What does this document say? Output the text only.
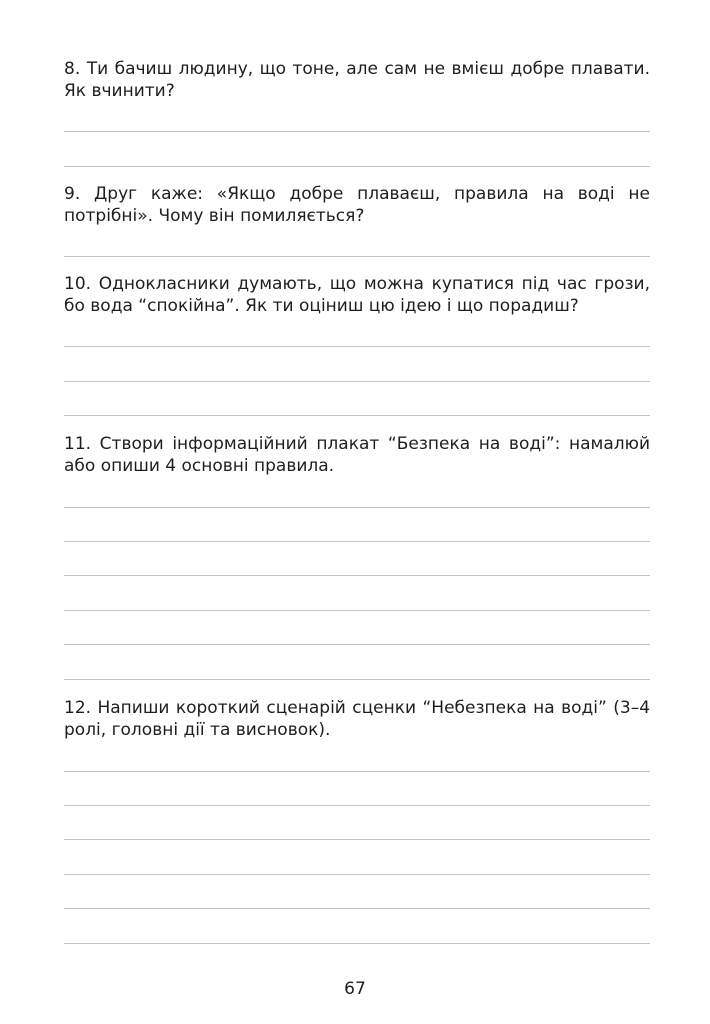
8. Ти бачиш людину, що тоне, але сам не вмієш добре плавати. Як вчинити?

9. Друг каже: «Якщо добре плаваєш, правила на воді не потрібні». Чому він помиляється?

10. Однокласники думають, що можна купатися під час грози, бо вода “спокійна”. Як ти оціниш цю ідею і що порадиш?

11. Створи інформаційний плакат “Безпека на воді”: намалюй або опиши 4 основні правила.

12. Напиши короткий сценарій сценки “Небезпека на воді” (3–4 ролі, головні дії та висновок).

67
